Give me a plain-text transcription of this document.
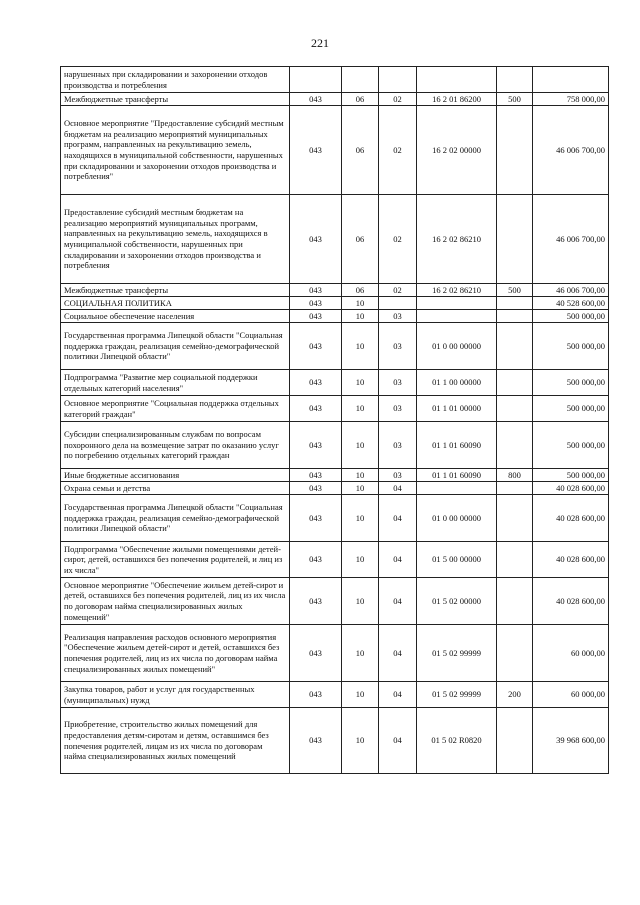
221
нарушенных при складировании и захоронении отходов производства и потребления						
Межбюджетные трансферты	043	06	02	16 2 01 86200	500	758 000,00
Основное мероприятие "Предоставление субсидий местным бюджетам на реализацию мероприятий муниципальных программ, направленных на рекультивацию земель, находящихся в муниципальной собственности, нарушенных при складировании и захоронении отходов производства и потребления"	043	06	02	16 2 02 00000		46 006 700,00
Предоставление субсидий местным бюджетам на реализацию мероприятий муниципальных программ, направленных на рекультивацию земель, находящихся в муниципальной собственности, нарушенных при складировании и захоронении отходов производства и потребления	043	06	02	16 2 02 86210		46 006 700,00
Межбюджетные трансферты	043	06	02	16 2 02 86210	500	46 006 700,00
СОЦИАЛЬНАЯ ПОЛИТИКА	043	10				40 528 600,00
Социальное обеспечение населения	043	10	03			500 000,00
Государственная программа Липецкой области "Социальная поддержка граждан, реализация семейно-демографической политики Липецкой области"	043	10	03	01 0 00 00000		500 000,00
Подпрограмма "Развитие мер социальной поддержки отдельных категорий населения"	043	10	03	01 1 00 00000		500 000,00
Основное мероприятие "Социальная поддержка отдельных категорий граждан"	043	10	03	01 1 01 00000		500 000,00
Субсидии специализированным службам по вопросам похоронного дела на возмещение затрат по оказанию услуг по погребению отдельных категорий граждан	043	10	03	01 1 01 60090		500 000,00
Иные бюджетные ассигнования	043	10	03	01 1 01 60090	800	500 000,00
Охрана семьи и детства	043	10	04			40 028 600,00
Государственная программа Липецкой области "Социальная поддержка граждан, реализация семейно-демографической политики Липецкой области"	043	10	04	01 0 00 00000		40 028 600,00
Подпрограмма "Обеспечение жилыми помещениями детей-сирот, детей, оставшихся без попечения родителей, и лиц из их числа"	043	10	04	01 5 00 00000		40 028 600,00
Основное мероприятие "Обеспечение жильем детей-сирот и детей, оставшихся без попечения родителей, лиц из их числа по договорам найма специализированных жилых помещений"	043	10	04	01 5 02 00000		40 028 600,00
Реализация направления расходов основного мероприятия "Обеспечение жильем детей-сирот и детей, оставшихся без попечения родителей, лиц из их числа по договорам найма специализированных жилых помещений"	043	10	04	01 5 02 99999		60 000,00
Закупка товаров, работ и услуг для государственных (муниципальных) нужд	043	10	04	01 5 02 99999	200	60 000,00
Приобретение, строительство жилых помещений для предоставления детям-сиротам и детям, оставшимся без попечения родителей, лицам из их числа по договорам найма специализированных жилых помещений	043	10	04	01 5 02 R0820		39 968 600,00
